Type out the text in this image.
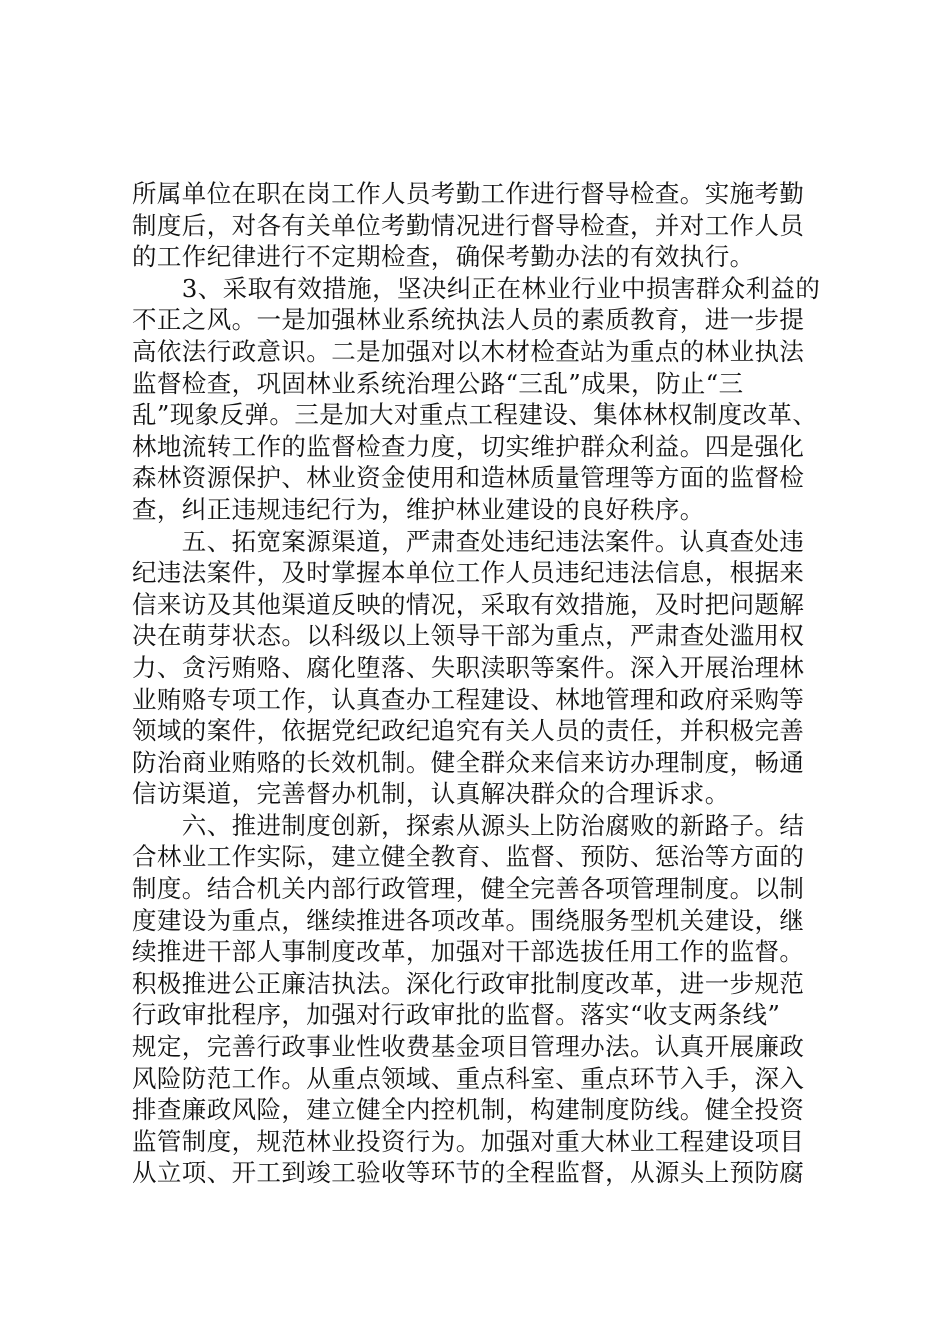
所属单位在职在岗工作人员考勤工作进行督导检查。实施考勤
制度后，对各有关单位考勤情况进行督导检查，并对工作人员
的工作纪律进行不定期检查，确保考勤办法的有效执行。
　　3、采取有效措施，坚决纠正在林业行业中损害群众利益的
不正之风。一是加强林业系统执法人员的素质教育，进一步提
高依法行政意识。二是加强对以木材检查站为重点的林业执法
监督检查，巩固林业系统治理公路“三乱”成果，防止“三
乱”现象反弹。三是加大对重点工程建设、集体林权制度改革、
林地流转工作的监督检查力度，切实维护群众利益。四是强化
森林资源保护、林业资金使用和造林质量管理等方面的监督检
查，纠正违规违纪行为，维护林业建设的良好秩序。
　　五、拓宽案源渠道，严肃查处违纪违法案件。认真查处违
纪违法案件，及时掌握本单位工作人员违纪违法信息，根据来
信来访及其他渠道反映的情况，采取有效措施，及时把问题解
决在萌芽状态。以科级以上领导干部为重点，严肃查处滥用权
力、贪污贿赂、腐化堕落、失职渎职等案件。深入开展治理林
业贿赂专项工作，认真查办工程建设、林地管理和政府采购等
领域的案件，依据党纪政纪追究有关人员的责任，并积极完善
防治商业贿赂的长效机制。健全群众来信来访办理制度，畅通
信访渠道，完善督办机制，认真解决群众的合理诉求。
　　六、推进制度创新，探索从源头上防治腐败的新路子。结
合林业工作实际，建立健全教育、监督、预防、惩治等方面的
制度。结合机关内部行政管理，健全完善各项管理制度。以制
度建设为重点，继续推进各项改革。围绕服务型机关建设，继
续推进干部人事制度改革，加强对干部选拔任用工作的监督。
积极推进公正廉洁执法。深化行政审批制度改革，进一步规范
行政审批程序，加强对行政审批的监督。落实“收支两条线”
规定，完善行政事业性收费基金项目管理办法。认真开展廉政
风险防范工作。从重点领域、重点科室、重点环节入手，深入
排查廉政风险，建立健全内控机制，构建制度防线。健全投资
监管制度，规范林业投资行为。加强对重大林业工程建设项目
从立项、开工到竣工验收等环节的全程监督，从源头上预防腐
